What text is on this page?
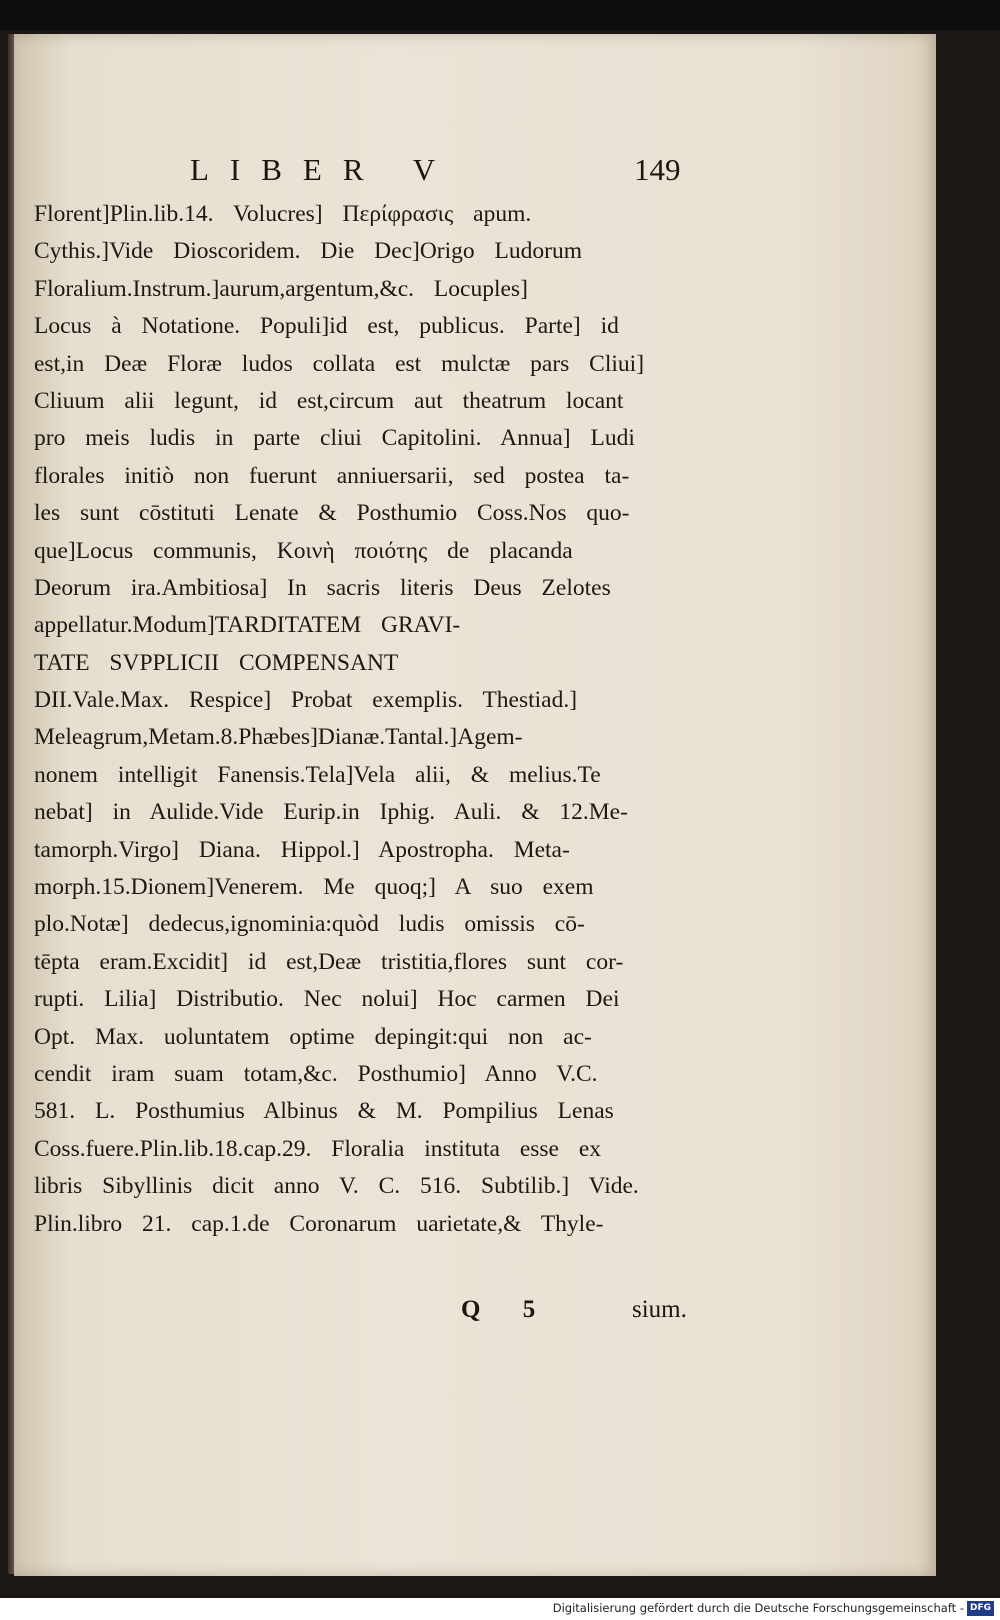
LIBER V	149
Florent]Plin.lib.14. Volucres] Περίφρασις apum.
Cythis.]Vide Dioscoridem. Die Dec]Origo Ludorum
Floralium.Instrum.]aurum,argentum,&c. Locuples]
Locus à Notatione. Populi]id est, publicus. Parte] id
est,in Deæ Floræ ludos collata est mulctæ pars Cliui]
Cliuum alii legunt, id est,circum aut theatrum locant
pro meis ludis in parte cliui Capitolini. Annua] Ludi
florales initiò non fuerunt anniuersarii, sed postea ta-
les sunt cōstituti Lenate & Posthumio Coss.Nos quo-
que]Locus communis, Κοινὴ ποιότης de placanda
Deorum ira.Ambitiosa] In sacris literis Deus Zelotes
appellatur.Modum]TARDITATEM GRAVI-
TATE SVPPLICII COMPENSANT
DII.Vale.Max. Respice] Probat exemplis. Thestiad.]
Meleagrum,Metam.8.Phæbes]Dianæ.Tantal.]Agem-
nonem intelligit Fanensis.Tela]Vela alii, & melius.Te
nebat] in Aulide.Vide Eurip.in Iphig. Auli. & 12.Me-
tamorph.Virgo] Diana. Hippol.] Apostropha. Meta-
morph.15.Dionem]Venerem. Me quoq;] A suo exem
plo.Notæ] dedecus,ignominia:quòd ludis omissis cō-
tēpta eram.Excidit] id est,Deæ tristitia,flores sunt cor-
rupti. Lilia] Distributio. Nec nolui] Hoc carmen Dei
Opt. Max. uoluntatem optime depingit:qui non ac-
cendit iram suam totam,&c. Posthumio] Anno V.C.
581. L. Posthumius Albinus & M. Pompilius Lenas
Coss.fuere.Plin.lib.18.cap.29. Floralia instituta esse ex
libris Sibyllinis dicit anno V. C. 516. Subtilib.] Vide.
Plin.libro 21. cap.1.de Coronarum uarietate,& Thyle-
Q 5	sium.
Digitalisierung gefördert durch die Deutsche Forschungsgemeinschaft - DFG
